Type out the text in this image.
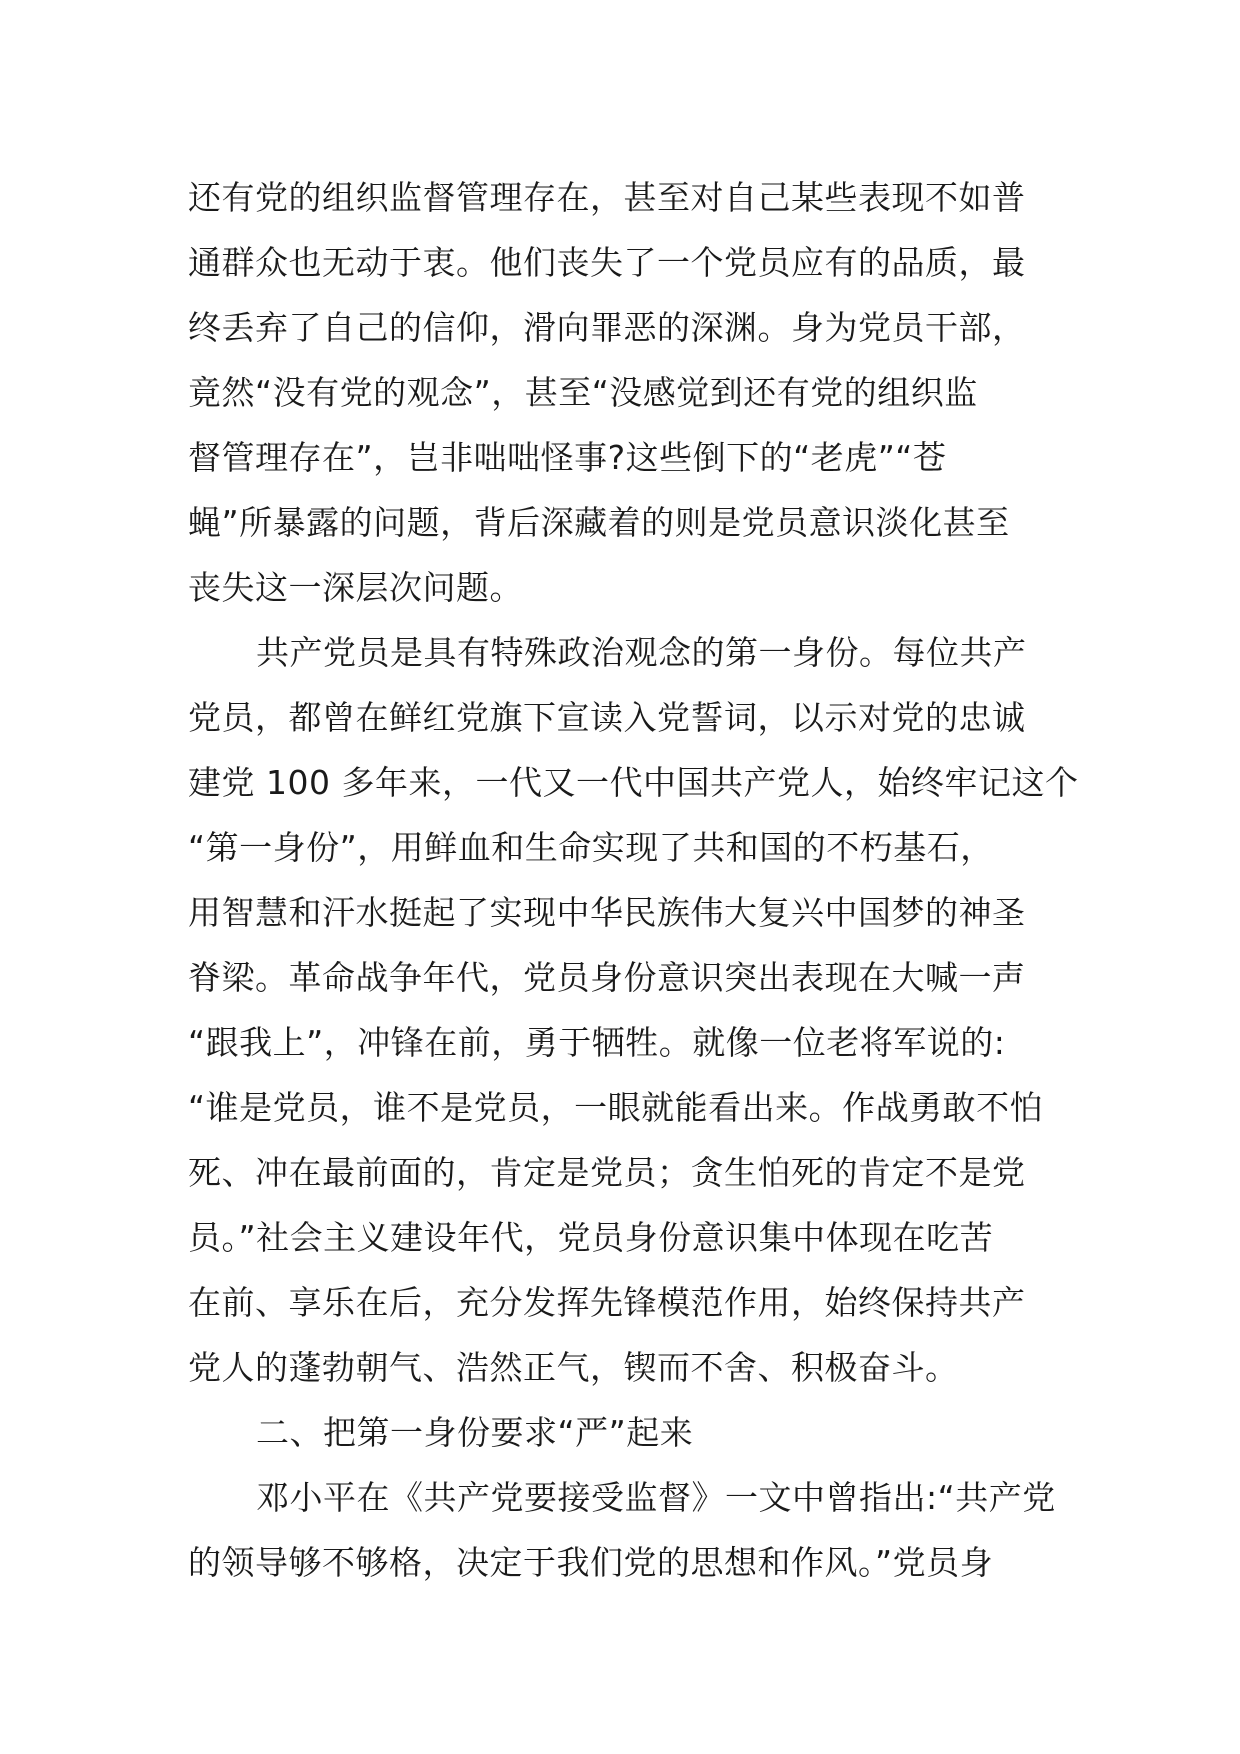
还有党的组织监督管理存在，甚至对自己某些表现不如普
通群众也无动于衷。他们丧失了一个党员应有的品质，最
终丢弃了自己的信仰，滑向罪恶的深渊。身为党员干部，
竟然“没有党的观念”，甚至“没感觉到还有党的组织监
督管理存在”，岂非咄咄怪事?这些倒下的“老虎”“苍
蝇”所暴露的问题，背后深藏着的则是党员意识淡化甚至
丧失这一深层次问题。
共产党员是具有特殊政治观念的第一身份。每位共产
党员，都曾在鲜红党旗下宣读入党誓词，以示对党的忠诚
建党 100 多年来，一代又一代中国共产党人，始终牢记这个
“第一身份”，用鲜血和生命实现了共和国的不朽基石，
用智慧和汗水挺起了实现中华民族伟大复兴中国梦的神圣
脊梁。革命战争年代，党员身份意识突出表现在大喊一声
“跟我上”，冲锋在前，勇于牺牲。就像一位老将军说的:
“谁是党员，谁不是党员，一眼就能看出来。作战勇敢不怕
死、冲在最前面的，肯定是党员；贪生怕死的肯定不是党
员。”社会主义建设年代，党员身份意识集中体现在吃苦
在前、享乐在后，充分发挥先锋模范作用，始终保持共产
党人的蓬勃朝气、浩然正气，锲而不舍、积极奋斗。
二、把第一身份要求“严”起来
邓小平在《共产党要接受监督》一文中曾指出:“共产党
的领导够不够格，决定于我们党的思想和作风。”党员身
